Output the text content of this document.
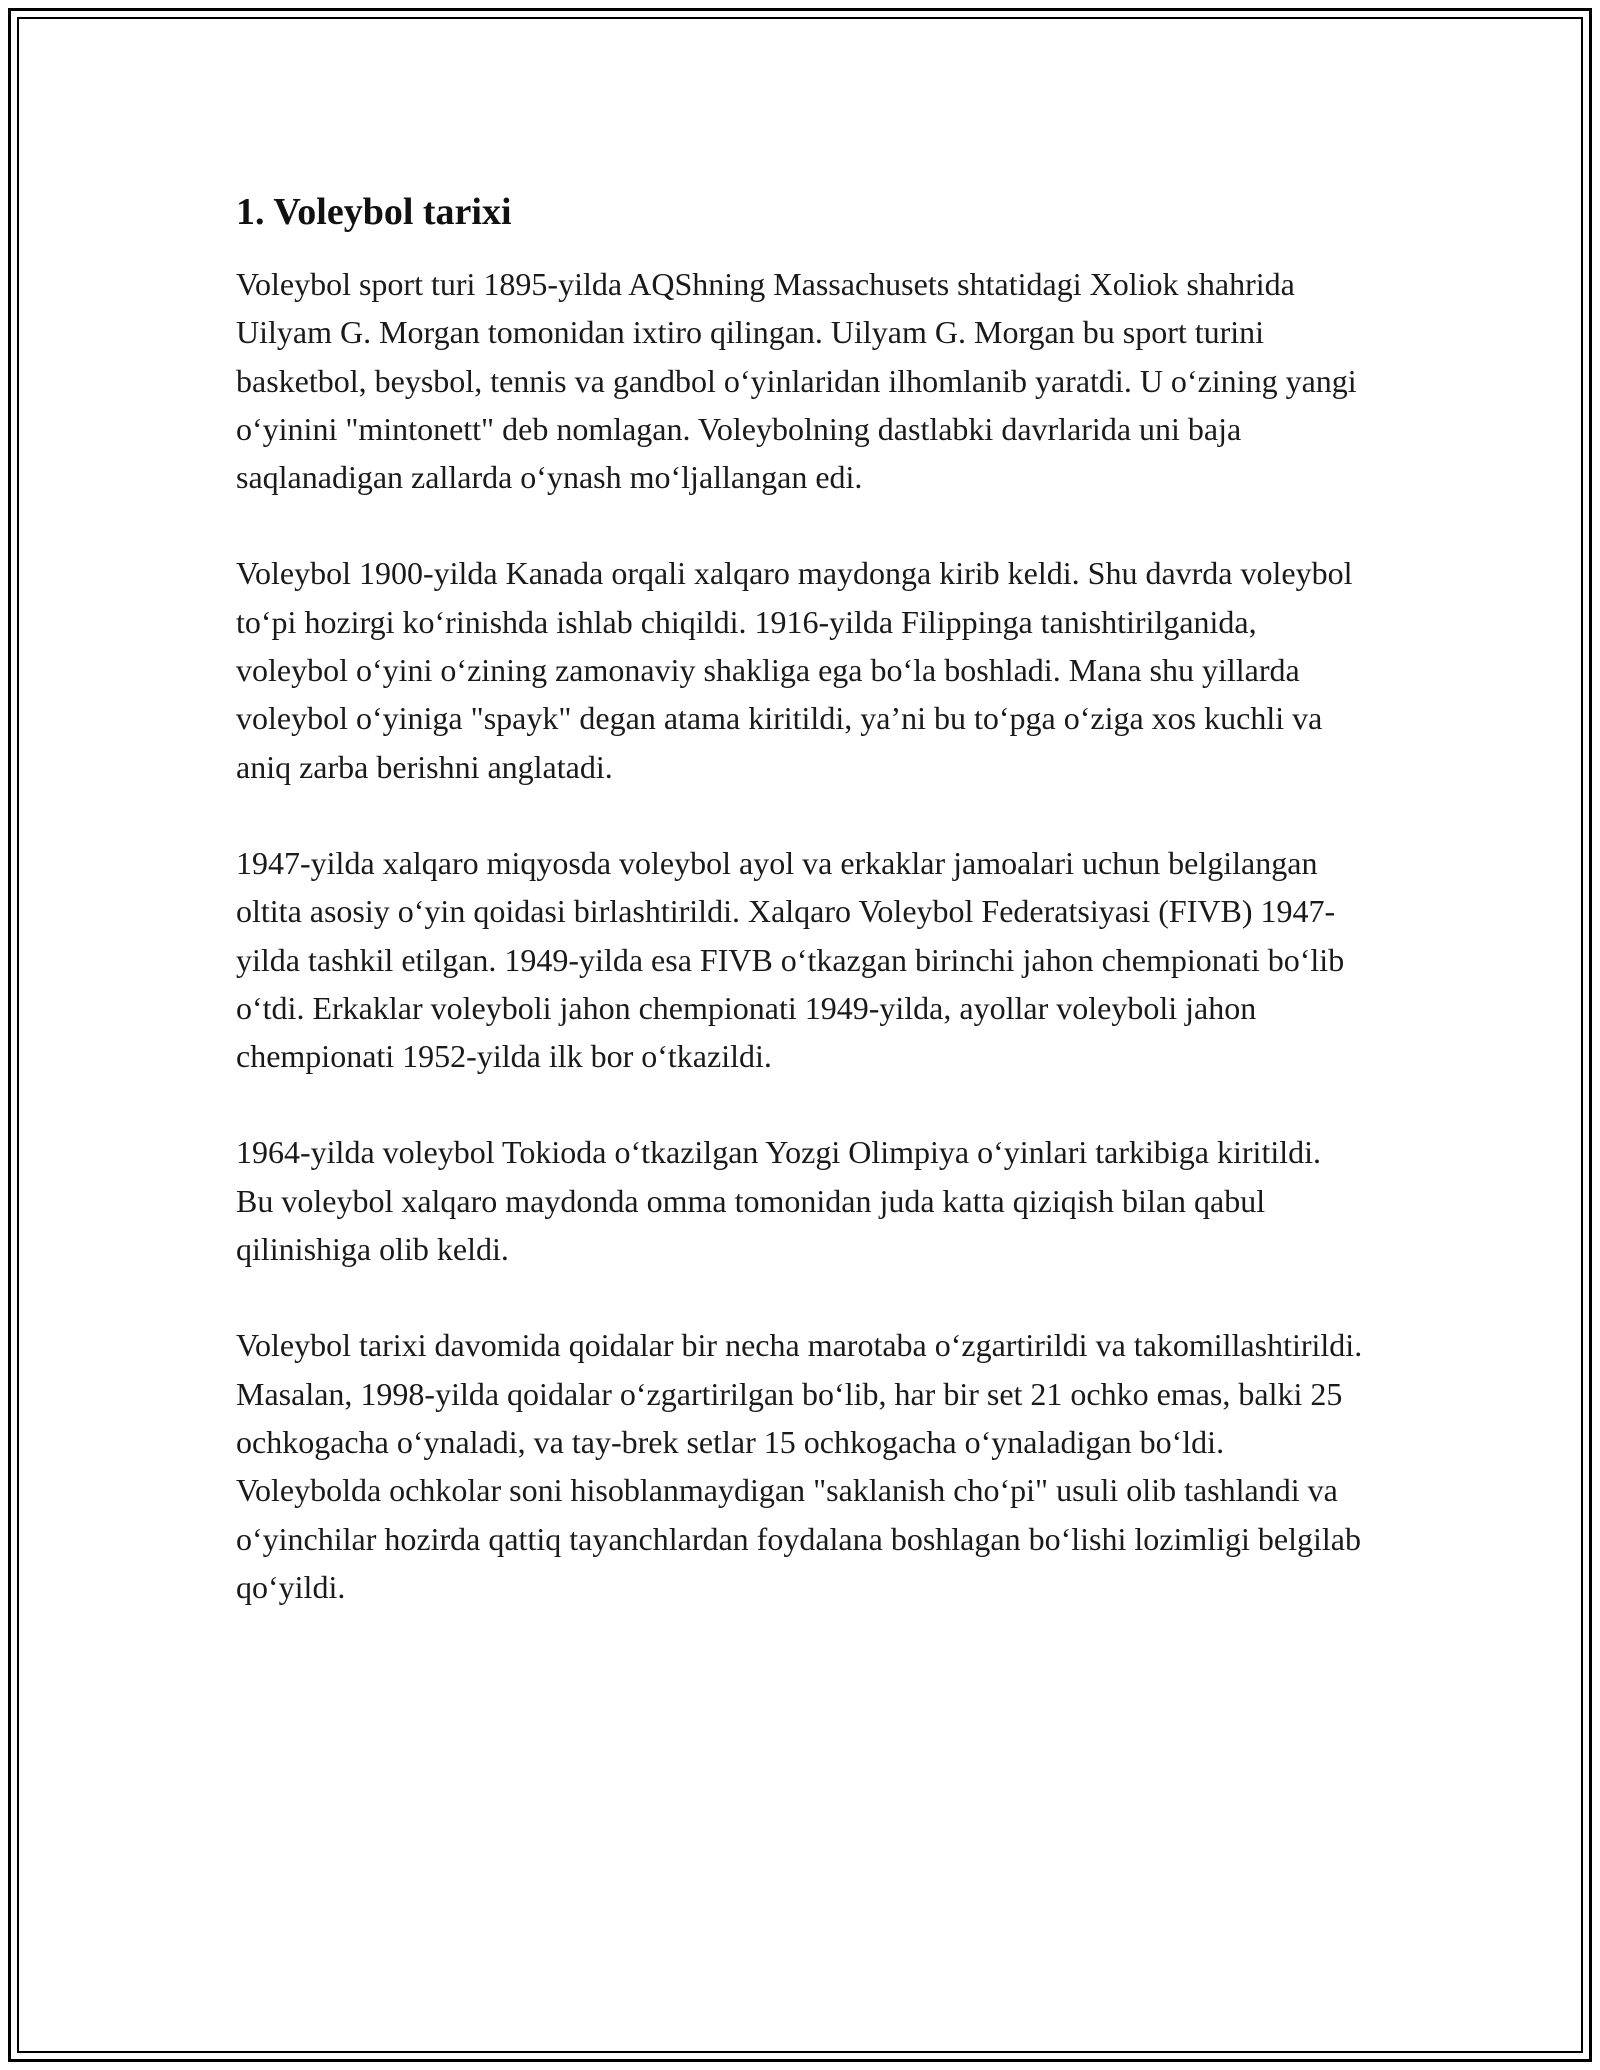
1. Voleybol tarixi

Voleybol sport turi 1895-yilda AQShning Massachusets shtatidagi Xoliok shahrida Uilyam G. Morgan tomonidan ixtiro qilingan. Uilyam G. Morgan bu sport turini basketbol, beysbol, tennis va gandbol o‘yinlaridan ilhomlanib yaratdi. U o‘zining yangi o‘yinini "mintonett" deb nomlagan. Voleybolning dastlabki davrlarida uni baja saqlanadigan zallarda o‘ynash mo‘ljallangan edi.

Voleybol 1900-yilda Kanada orqali xalqaro maydonga kirib keldi. Shu davrda voleybol to‘pi hozirgi ko‘rinishda ishlab chiqildi. 1916-yilda Filippinga tanishtirilganida, voleybol o‘yini o‘zining zamonaviy shakliga ega bo‘la boshladi. Mana shu yillarda voleybol o‘yiniga "spayk" degan atama kiritildi, ya’ni bu to‘pga o‘ziga xos kuchli va aniq zarba berishni anglatadi.

1947-yilda xalqaro miqyosda voleybol ayol va erkaklar jamoalari uchun belgilangan oltita asosiy o‘yin qoidasi birlashtirildi. Xalqaro Voleybol Federatsiyasi (FIVB) 1947-yilda tashkil etilgan. 1949-yilda esa FIVB o‘tkazgan birinchi jahon chempionati bo‘lib o‘tdi. Erkaklar voleyboli jahon chempionati 1949-yilda, ayollar voleyboli jahon chempionati 1952-yilda ilk bor o‘tkazildi.

1964-yilda voleybol Tokioda o‘tkazilgan Yozgi Olimpiya o‘yinlari tarkibiga kiritildi. Bu voleybol xalqaro maydonda omma tomonidan juda katta qiziqish bilan qabul qilinishiga olib keldi.

Voleybol tarixi davomida qoidalar bir necha marotaba o‘zgartirildi va takomillashtirildi. Masalan, 1998-yilda qoidalar o‘zgartirilgan bo‘lib, har bir set 21 ochko emas, balki 25 ochkogacha o‘ynaladi, va tay-brek setlar 15 ochkogacha o‘ynaladigan bo‘ldi. Voleybolda ochkolar soni hisoblanmaydigan "saklanish cho‘pi" usuli olib tashlandi va o‘yinchilar hozirda qattiq tayanchlardan foydalana boshlagan bo‘lishi lozimligi belgilab qo‘yildi.
